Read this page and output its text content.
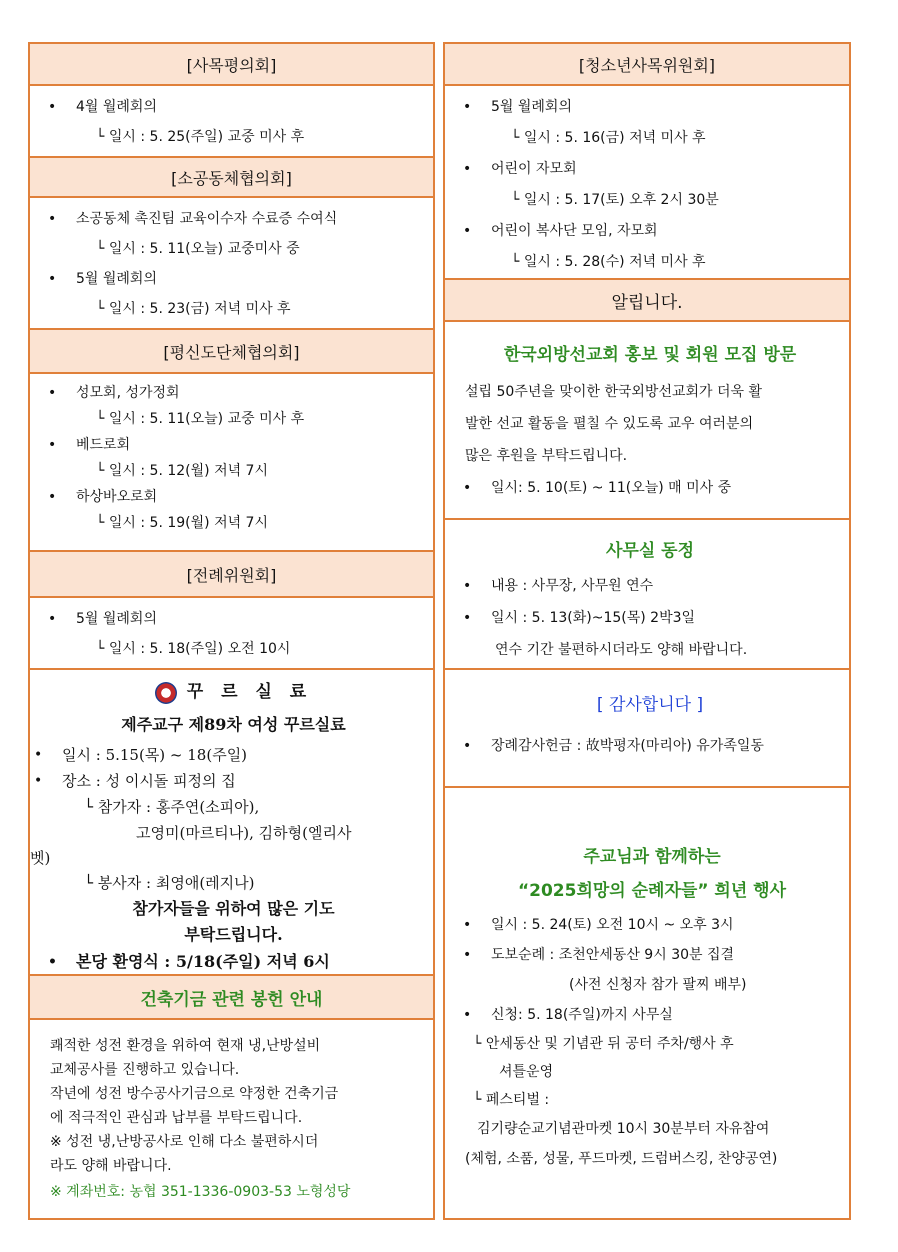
[사목평의회]
• 4월 월례회의
└ 일시 : 5. 25(주일) 교중 미사 후
[소공동체협의회]
• 소공동체 촉진팀 교육이수자 수료증 수여식
└ 일시 : 5. 11(오늘) 교중미사 중
• 5월 월례회의
└ 일시 : 5. 23(금) 저녁 미사 후
[평신도단체협의회]
• 성모회, 성가정회
└ 일시 : 5. 11(오늘) 교중 미사 후
• 베드로회
└ 일시 : 5. 12(월) 저녁 7시
• 하상바오로회
└ 일시 : 5. 19(월) 저녁 7시
[전례위원회]
• 5월 월례회의
└ 일시 : 5. 18(주일) 오전 10시
꾸 르 실 료
제주교구 제89차 여성 꾸르실료
• 일시 : 5.15(목) ~ 18(주일)
• 장소 : 성 이시돌 피정의 집
└ 참가자 : 홍주연(소피아),
고영미(마르티나), 김하형(엘리사
벳)
└ 봉사자 : 최영애(레지나)
참가자들을 위하여 많은 기도
부탁드립니다.
• 본당 환영식 : 5/18(주일) 저녁 6시
건축기금 관련 봉헌 안내
쾌적한 성전 환경을 위하여 현재 냉,난방설비
교체공사를 진행하고 있습니다.
작년에 성전 방수공사기금으로 약정한 건축기금
에 적극적인 관심과 납부를 부탁드립니다.
※ 성전 냉,난방공사로 인해 다소 불편하시더
라도 양해 바랍니다.
※ 계좌번호: 농협 351-1336-0903-53 노형성당
[청소년사목위원회]
• 5월 월례회의
└ 일시 : 5. 16(금) 저녁 미사 후
• 어린이 자모회
└ 일시 : 5. 17(토) 오후 2시 30분
• 어린이 복사단 모임, 자모회
└ 일시 : 5. 28(수) 저녁 미사 후
알립니다.
한국외방선교회 홍보 및 회원 모집 방문
설립 50주년을 맞이한 한국외방선교회가 더욱 활
발한 선교 활동을 펼칠 수 있도록 교우 여러분의
많은 후원을 부탁드립니다.
• 일시: 5. 10(토) ~ 11(오늘) 매 미사 중
사무실 동정
• 내용 : 사무장, 사무원 연수
• 일시 : 5. 13(화)~15(목) 2박3일
연수 기간 불편하시더라도 양해 바랍니다.
[ 감사합니다 ]
• 장례감사헌금 : 故박평자(마리아) 유가족일동
주교님과 함께하는
“2025희망의 순례자들” 희년 행사
• 일시 : 5. 24(토) 오전 10시 ~ 오후 3시
• 도보순례 : 조천안세동산 9시 30분 집결
(사전 신청자 참가 팔찌 배부)
• 신청: 5. 18(주일)까지 사무실
└ 안세동산 및 기념관 뒤 공터 주차/행사 후
셔틀운영
└ 페스티벌 :
김기량순교기념관마켓 10시 30분부터 자유참여
(체험, 소품, 성물, 푸드마켓, 드럼버스킹, 찬양공연)
